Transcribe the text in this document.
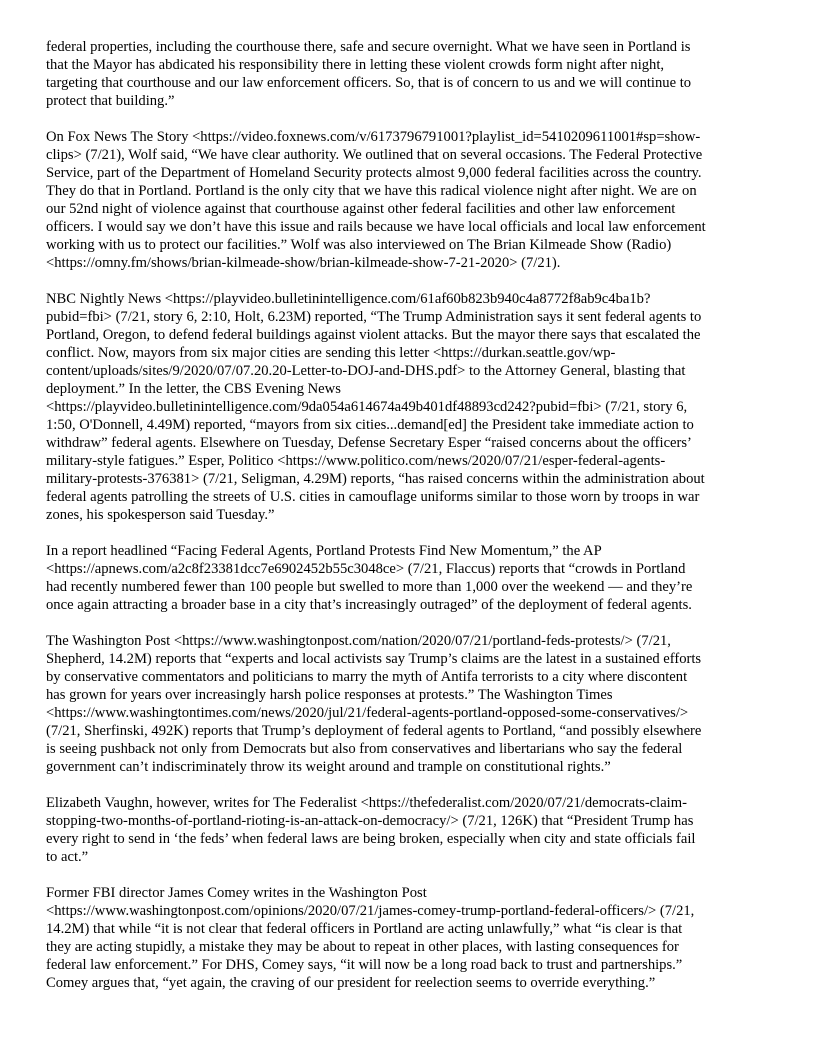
federal properties, including the courthouse there, safe and secure overnight. What we have seen in Portland is
that the Mayor has abdicated his responsibility there in letting these violent crowds form night after night,
targeting that courthouse and our law enforcement officers. So, that is of concern to us and we will continue to
protect that building.”

On Fox News The Story <https://video.foxnews.com/v/6173796791001?playlist_id=5410209611001#sp=show-
clips> (7/21), Wolf said, “We have clear authority. We outlined that on several occasions. The Federal Protective
Service, part of the Department of Homeland Security protects almost 9,000 federal facilities across the country.
They do that in Portland. Portland is the only city that we have this radical violence night after night. We are on
our 52nd night of violence against that courthouse against other federal facilities and other law enforcement
officers. I would say we don’t have this issue and rails because we have local officials and local law enforcement
working with us to protect our facilities.” Wolf was also interviewed on The Brian Kilmeade Show (Radio)
<https://omny.fm/shows/brian-kilmeade-show/brian-kilmeade-show-7-21-2020> (7/21).

NBC Nightly News <https://playvideo.bulletinintelligence.com/61af60b823b940c4a8772f8ab9c4ba1b?
pubid=fbi> (7/21, story 6, 2:10, Holt, 6.23M) reported, “The Trump Administration says it sent federal agents to
Portland, Oregon, to defend federal buildings against violent attacks. But the mayor there says that escalated the
conflict. Now, mayors from six major cities are sending this letter <https://durkan.seattle.gov/wp-
content/uploads/sites/9/2020/07/07.20.20-Letter-to-DOJ-and-DHS.pdf> to the Attorney General, blasting that
deployment.” In the letter, the CBS Evening News
<https://playvideo.bulletinintelligence.com/9da054a614674a49b401df48893cd242?pubid=fbi> (7/21, story 6,
1:50, O'Donnell, 4.49M) reported, “mayors from six cities...demand[ed] the President take immediate action to
withdraw” federal agents. Elsewhere on Tuesday, Defense Secretary Esper “raised concerns about the officers’
military-style fatigues.” Esper, Politico <https://www.politico.com/news/2020/07/21/esper-federal-agents-
military-protests-376381> (7/21, Seligman, 4.29M) reports, “has raised concerns within the administration about
federal agents patrolling the streets of U.S. cities in camouflage uniforms similar to those worn by troops in war
zones, his spokesperson said Tuesday.”

In a report headlined “Facing Federal Agents, Portland Protests Find New Momentum,” the AP
<https://apnews.com/a2c8f23381dcc7e6902452b55c3048ce> (7/21, Flaccus) reports that “crowds in Portland
had recently numbered fewer than 100 people but swelled to more than 1,000 over the weekend — and they’re
once again attracting a broader base in a city that’s increasingly outraged” of the deployment of federal agents.

The Washington Post <https://www.washingtonpost.com/nation/2020/07/21/portland-feds-protests/> (7/21,
Shepherd, 14.2M) reports that “experts and local activists say Trump’s claims are the latest in a sustained efforts
by conservative commentators and politicians to marry the myth of Antifa terrorists to a city where discontent
has grown for years over increasingly harsh police responses at protests.” The Washington Times
<https://www.washingtontimes.com/news/2020/jul/21/federal-agents-portland-opposed-some-conservatives/>
(7/21, Sherfinski, 492K) reports that Trump’s deployment of federal agents to Portland, “and possibly elsewhere
is seeing pushback not only from Democrats but also from conservatives and libertarians who say the federal
government can’t indiscriminately throw its weight around and trample on constitutional rights.”

Elizabeth Vaughn, however, writes for The Federalist <https://thefederalist.com/2020/07/21/democrats-claim-
stopping-two-months-of-portland-rioting-is-an-attack-on-democracy/> (7/21, 126K) that “President Trump has
every right to send in ‘the feds’ when federal laws are being broken, especially when city and state officials fail
to act.”

Former FBI director James Comey writes in the Washington Post
<https://www.washingtonpost.com/opinions/2020/07/21/james-comey-trump-portland-federal-officers/> (7/21,
14.2M) that while “it is not clear that federal officers in Portland are acting unlawfully,” what “is clear is that
they are acting stupidly, a mistake they may be about to repeat in other places, with lasting consequences for
federal law enforcement.” For DHS, Comey says, “it will now be a long road back to trust and partnerships.”
Comey argues that, “yet again, the craving of our president for reelection seems to override everything.”
